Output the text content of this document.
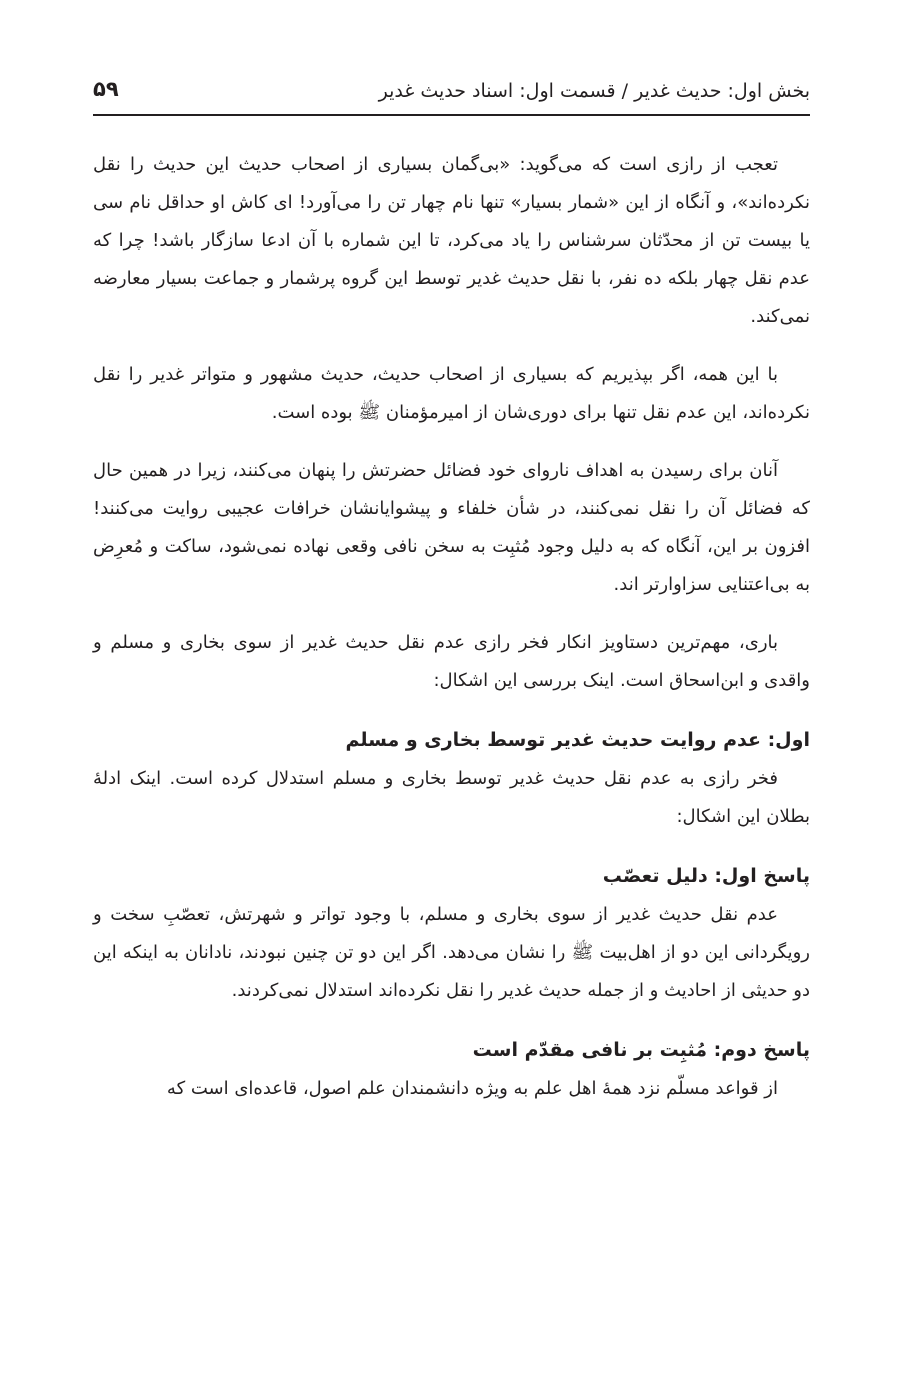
بخش اول: حدیث غدیر / قسمت اول: اسناد حدیث غدیر
۵۹

تعجب از رازی است که می‌گوید: «بی‌گمان بسیاری از اصحاب حدیث این حدیث را نقل نکرده‌اند»، و آنگاه از این «شمار بسیار» تنها نام چهار تن را می‌آورد! ای کاش او حداقل نام سی یا بیست تن از محدّثان سرشناس را یاد می‌کرد، تا این شماره با آن ادعا سازگار باشد! چرا که عدم نقل چهار بلکه ده نفر، با نقل حدیث غدیر توسط این گروه پرشمار و جماعت بسیار معارضه نمی‌کند.

با این همه، اگر بپذیریم که بسیاری از اصحاب حدیث، حدیث مشهور و متواتر غدیر را نقل نکرده‌اند، این عدم نقل تنها برای دوری‌شان از امیرمؤمنان ﷺ بوده است.

آنان برای رسیدن به اهداف ناروای خود فضائل حضرتش را پنهان می‌کنند، زیرا در همین حال که فضائل آن را نقل نمی‌کنند، در شأن خلفاء و پیشوایانشان خرافات عجیبی روایت می‌کنند! افزون بر این، آنگاه که به دلیل وجود مُثبِت به سخن نافی وقعی نهاده نمی‌شود، ساکت و مُعرِض به بی‌اعتنایی سزاوارتر اند.

باری، مهم‌ترین دستاویز انکار فخر رازی عدم نقل حدیث غدیر از سوی بخاری و مسلم و واقدی و ابن‌اسحاق است. اینک بررسی این اشکال:

اول: عدم روایت حدیث غدیر توسط بخاری و مسلم

فخر رازی به عدم نقل حدیث غدیر توسط بخاری و مسلم استدلال کرده است. اینک ادلهٔ بطلان این اشکال:

پاسخ اول: دلیل تعصّب

عدم نقل حدیث غدیر از سوی بخاری و مسلم، با وجود تواتر و شهرتش، تعصّبِ سخت و رویگردانی این دو از اهل‌بیت ﷺ را نشان می‌دهد. اگر این دو تن چنین نبودند، نادانان به اینکه این دو حدیثی از احادیث و از جمله حدیث غدیر را نقل نکرده‌اند استدلال نمی‌کردند.

پاسخ دوم: مُثبِت بر نافی مقدّم است

از قواعد مسلّم نزد همهٔ اهل علم به ویژه دانشمندان علم اصول، قاعده‌ای است که
